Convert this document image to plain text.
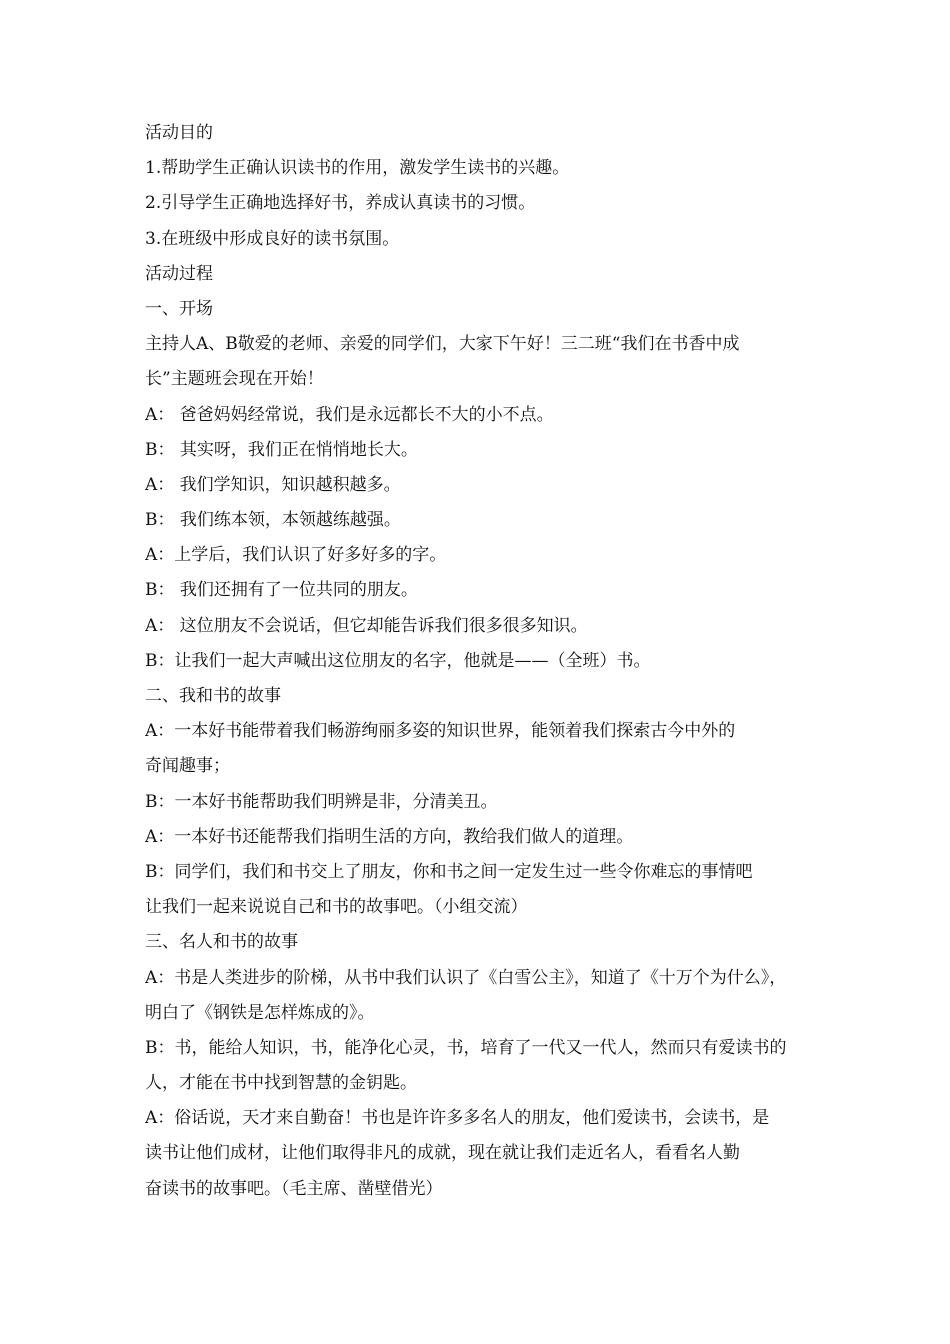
活动目的
1.帮助学生正确认识读书的作用，激发学生读书的兴趣。
2.引导学生正确地选择好书，养成认真读书的习惯。
3.在班级中形成良好的读书氛围。
活动过程
一、开场
主持人A、B敬爱的老师、亲爱的同学们，大家下午好！三二班“我们在书香中成
长”主题班会现在开始！
A： 爸爸妈妈经常说，我们是永远都长不大的小不点。
B： 其实呀，我们正在悄悄地长大。
A： 我们学知识，知识越积越多。
B： 我们练本领，本领越练越强。
A：上学后，我们认识了好多好多的字。
B： 我们还拥有了一位共同的朋友。
A： 这位朋友不会说话，但它却能告诉我们很多很多知识。
B：让我们一起大声喊出这位朋友的名字，他就是——（全班）书。
二、我和书的故事
A：一本好书能带着我们畅游绚丽多姿的知识世界，能领着我们探索古今中外的
奇闻趣事；
B：一本好书能帮助我们明辨是非，分清美丑。
A：一本好书还能帮我们指明生活的方向，教给我们做人的道理。
B：同学们，我们和书交上了朋友，你和书之间一定发生过一些令你难忘的事情吧
让我们一起来说说自己和书的故事吧。（小组交流）
三、名人和书的故事
A：书是人类进步的阶梯，从书中我们认识了《白雪公主》，知道了《十万个为什么》，
明白了《钢铁是怎样炼成的》。
B：书，能给人知识，书，能净化心灵，书，培育了一代又一代人，然而只有爱读书的
人，才能在书中找到智慧的金钥匙。
A：俗话说，天才来自勤奋！书也是许许多多名人的朋友，他们爱读书，会读书，是
读书让他们成材，让他们取得非凡的成就，现在就让我们走近名人，看看名人勤
奋读书的故事吧。（毛主席、凿壁借光）
